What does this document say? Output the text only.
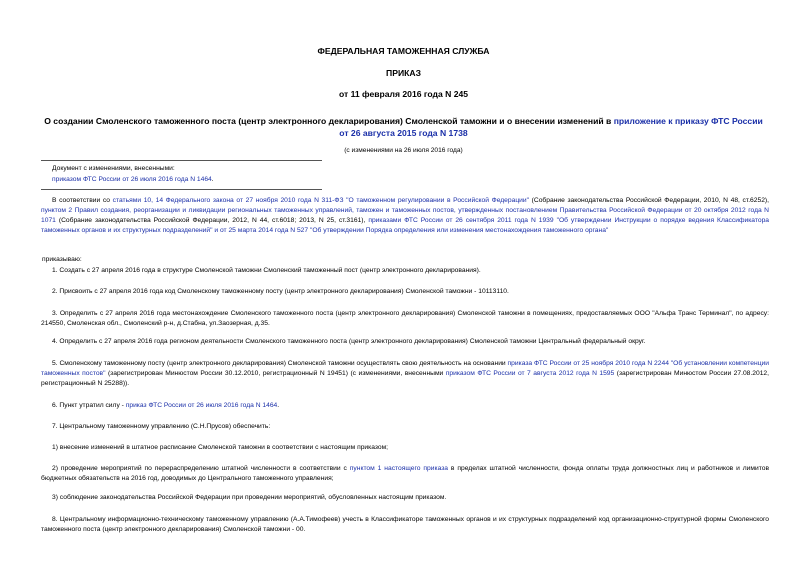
ФЕДЕРАЛЬНАЯ ТАМОЖЕННАЯ СЛУЖБА
ПРИКАЗ
от 11 февраля 2016 года N 245
О создании Смоленского таможенного поста (центр электронного декларирования) Смоленской таможни и о внесении изменений в приложение к приказу ФТС России от 26 августа 2015 года N 1738
(с изменениями на 26 июля 2016 года)
Документ с изменениями, внесенными:
приказом ФТС России от 26 июля 2016 года N 1464.
В соответствии со статьями 10, 14 Федерального закона от 27 ноября 2010 года N 311-ФЗ "О таможенном регулировании в Российской Федерации" (Собрание законодательства Российской Федерации, 2010, N 48, ст.6252), пунктом 2 Правил создания, реорганизации и ликвидации региональных таможенных управлений, таможен и таможенных постов, утвержденных постановлением Правительства Российской Федерации от 20 октября 2012 года N 1071 (Собрание законодательства Российской Федерации, 2012, N 44, ст.6018; 2013, N 25, ст.3161), приказами ФТС России от 26 сентября 2011 года N 1939 "Об утверждении Инструкции о порядке ведения Классификатора таможенных органов и их структурных подразделений" и от 25 марта 2014 года N 527 "Об утверждении Порядка определения или изменения местонахождения таможенного органа"
приказываю:
1. Создать с 27 апреля 2016 года в структуре Смоленской таможни Смоленский таможенный пост (центр электронного декларирования).
2. Присвоить с 27 апреля 2016 года код Смоленскому таможенному посту (центр электронного декларирования) Смоленской таможни - 10113110.
3. Определить с 27 апреля 2016 года местонахождение Смоленского таможенного поста (центр электронного декларирования) Смоленской таможни в помещениях, предоставляемых ООО "Альфа Транс Терминал", по адресу: 214550, Смоленская обл., Смоленский р-н, д.Стабна, ул.Заозерная, д.35.
4. Определить с 27 апреля 2016 года регионом деятельности Смоленского таможенного поста (центр электронного декларирования) Смоленской таможни Центральный федеральный округ.
5. Смоленскому таможенному посту (центр электронного декларирования) Смоленской таможни осуществлять свою деятельность на основании приказа ФТС России от 25 ноября 2010 года N 2244 "Об установлении компетенции таможенных постов" (зарегистрирован Минюстом России 30.12.2010, регистрационный N 19451) (с изменениями, внесенными приказом ФТС России от 7 августа 2012 года N 1595 (зарегистрирован Минюстом России 27.08.2012, регистрационный N 25288)).
6. Пункт утратил силу - приказ ФТС России от 26 июля 2016 года N 1464.
7. Центральному таможенному управлению (С.Н.Прусов) обеспечить:
1) внесение изменений в штатное расписание Смоленской таможни в соответствии с настоящим приказом;
2) проведение мероприятий по перераспределению штатной численности в соответствии с пунктом 1 настоящего приказа в пределах штатной численности, фонда оплаты труда должностных лиц и работников и лимитов бюджетных обязательств на 2016 год, доводимых до Центрального таможенного управления;
3) соблюдение законодательства Российской Федерации при проведении мероприятий, обусловленных настоящим приказом.
8. Центральному информационно-техническому таможенному управлению (А.А.Тимофеев) учесть в Классификаторе таможенных органов и их структурных подразделений код организационно-структурной формы Смоленского таможенного поста (центр электронного декларирования) Смоленской таможни - 00.
